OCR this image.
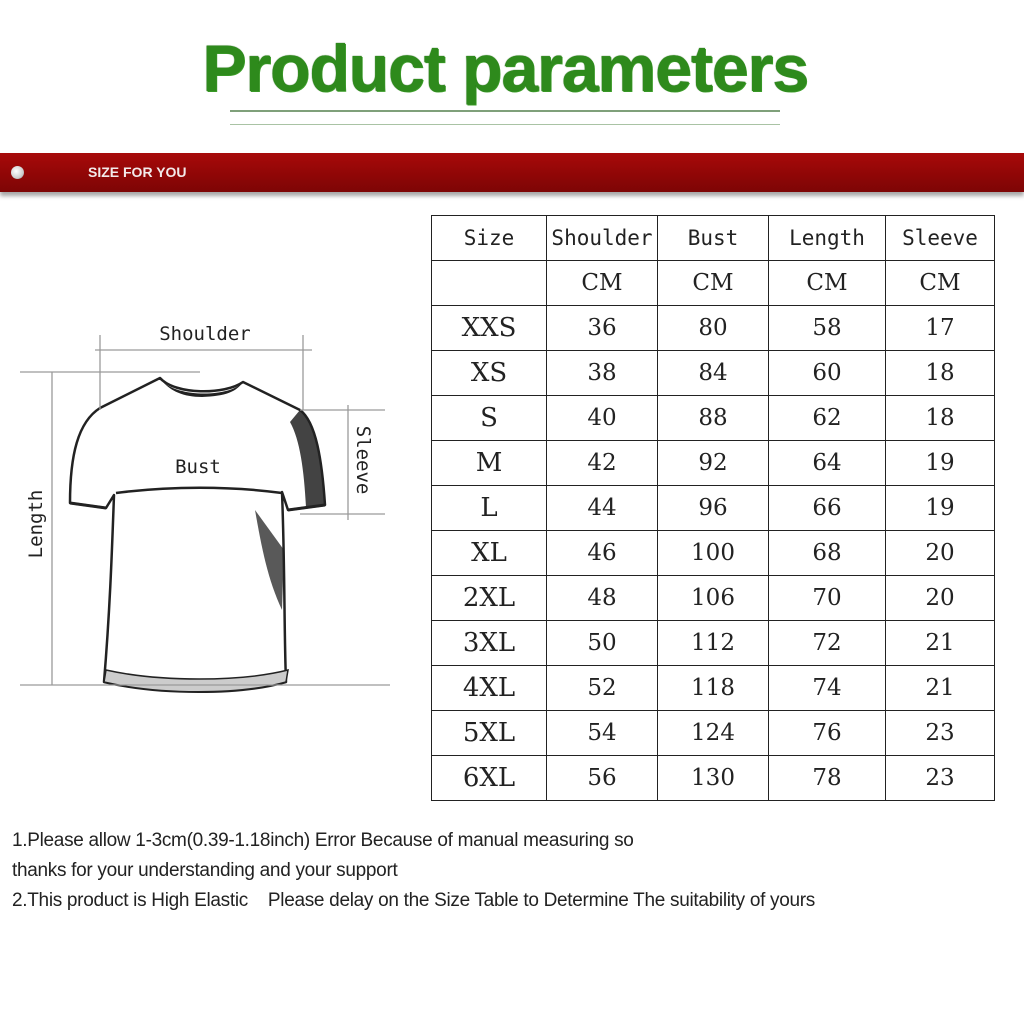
Product parameters
SIZE FOR YOU
Shoulder
Bust	Sleeve
Length
Size	Shoulder	Bust	Length	Sleeve
	CM	CM	CM	CM
XXS	36	80	58	17
XS	38	84	60	18
S	40	88	62	18
M	42	92	64	19
L	44	96	66	19
XL	46	100	68	20
2XL	48	106	70	20
3XL	50	112	72	21
4XL	52	118	74	21
5XL	54	124	76	23
6XL	56	130	78	23

1.Please allow 1-3cm(0.39-1.18inch) Error Because of manual measuring so

thanks for your understanding and your support

2.This product is High Elastic    Please delay on the Size Table to Determine The suitability of yours
